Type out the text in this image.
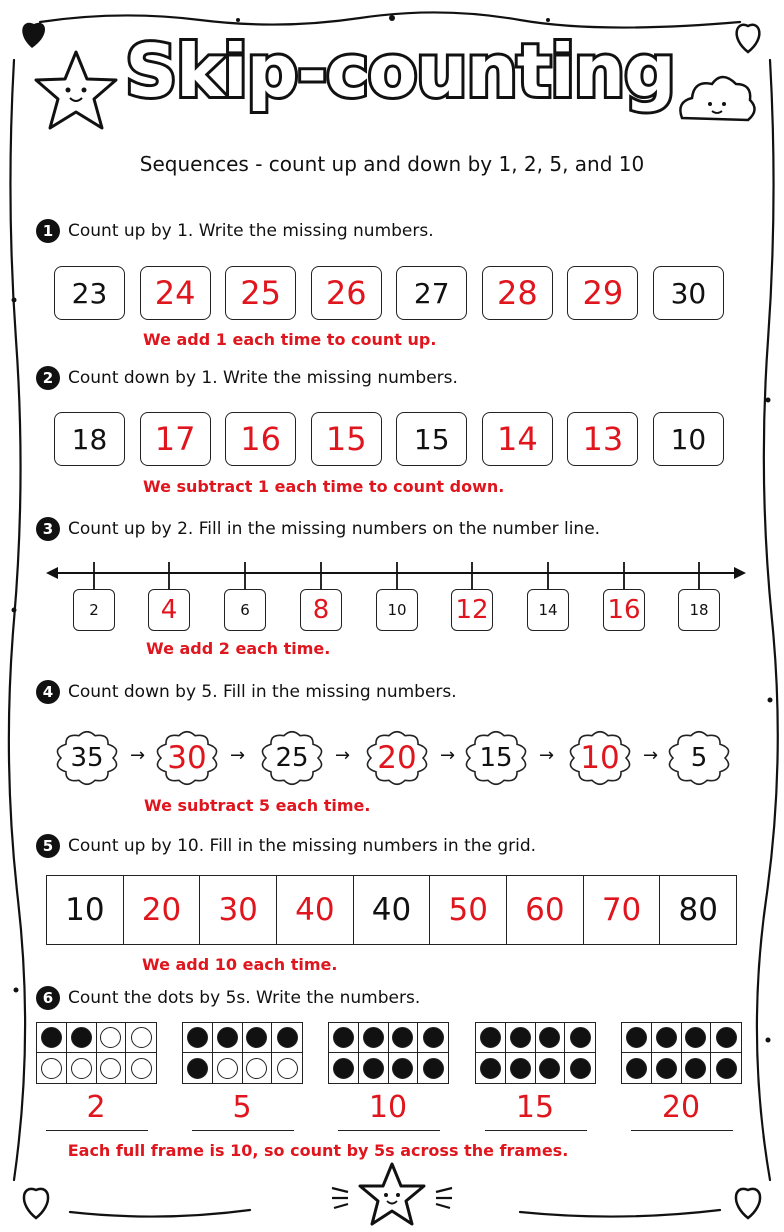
Skip-counting
Sequences - count up and down by 1, 2, 5, and 10
1 Count up by 1. Write the missing numbers.
23	24	25	26	27	28	29	30
We add 1 each time to count up.
2 Count down by 1. Write the missing numbers.
18	17	16	15	15	14	13	10
We subtract 1 each time to count down.
3 Count up by 2. Fill in the missing numbers on the number line.
2	4	6	8	10	12	14	16	18
We add 2 each time.
4 Count down by 5. Fill in the missing numbers.
35	→ 30	→	25	→ 20	→ 15	→ 10	→	5
We subtract 5 each time.
5 Count up by 10. Fill in the missing numbers in the grid.
10	20	30	40	40	50	60	70	80
We add 10 each time.
6 Count the dots by 5s. Write the numbers.
2	5	10	15	20
Each full frame is 10, so count by 5s across the frames.
